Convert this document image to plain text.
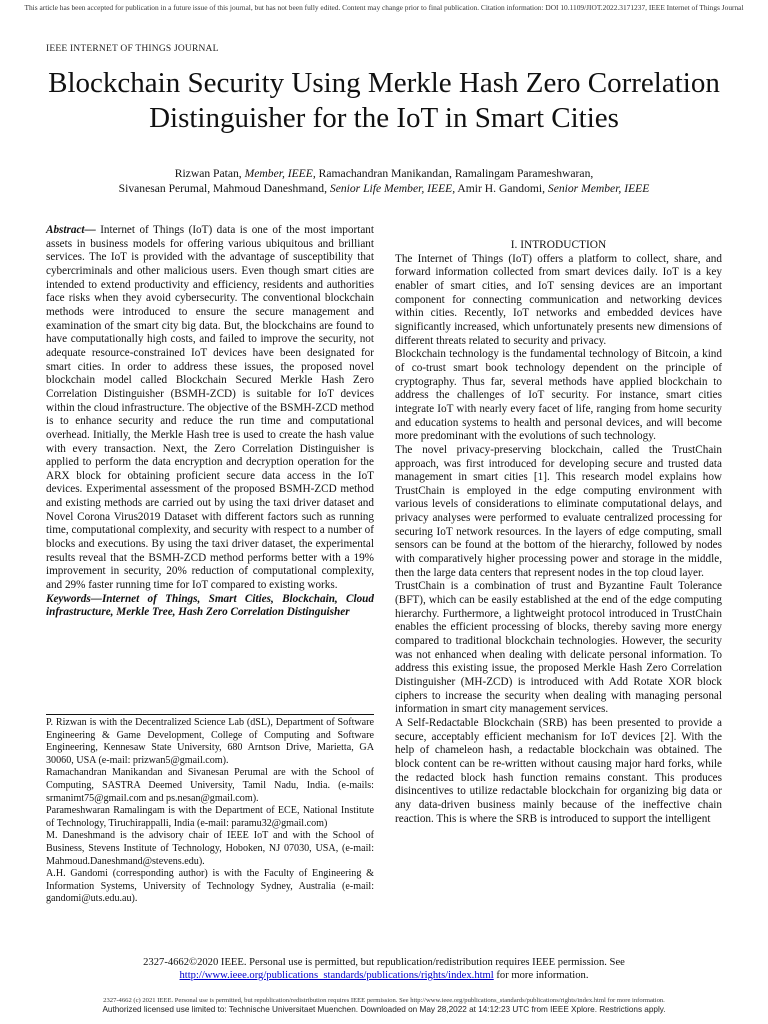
This article has been accepted for publication in a future issue of this journal, but has not been fully edited. Content may change prior to final publication. Citation information: DOI 10.1109/JIOT.2022.3171237, IEEE Internet of Things Journal
IEEE INTERNET OF THINGS JOURNAL
Blockchain Security Using Merkle Hash Zero Correlation Distinguisher for the IoT in Smart Cities
Rizwan Patan, Member, IEEE, Ramachandran Manikandan, Ramalingam Parameshwaran,
Sivanesan Perumal, Mahmoud Daneshmand, Senior Life Member, IEEE, Amir H. Gandomi, Senior Member, IEEE

Abstract— Internet of Things (IoT) data is one of the most important assets in business models for offering various ubiquitous and brilliant services. The IoT is provided with the advantage of susceptibility that cybercriminals and other malicious users. Even though smart cities are intended to extend productivity and efficiency, residents and authorities face risks when they avoid cybersecurity. The conventional blockchain methods were introduced to ensure the secure management and examination of the smart city big data. But, the blockchains are found to have computationally high costs, and failed to improve the security, not adequate resource-constrained IoT devices have been designated for smart cities. In order to address these issues, the proposed novel blockchain model called Blockchain Secured Merkle Hash Zero Correlation Distinguisher (BSMH-ZCD) is suitable for IoT devices within the cloud infrastructure. The objective of the BSMH-ZCD method is to enhance security and reduce the run time and computational overhead. Initially, the Merkle Hash tree is used to create the hash value with every transaction. Next, the Zero Correlation Distinguisher is applied to perform the data encryption and decryption operation for the ARX block for obtaining proficient secure data access in the IoT devices. Experimental assessment of the proposed BSMH-ZCD method and existing methods are carried out by using the taxi driver dataset and Novel Corona Virus2019 Dataset with different factors such as running time, computational complexity, and security with respect to a number of blocks and executions. By using the taxi driver dataset, the experimental results reveal that the BSMH-ZCD method performs better with a 19% improvement in security, 20% reduction of computational complexity, and 29% faster running time for IoT compared to existing works.

Keywords—Internet of Things, Smart Cities, Blockchain, Cloud infrastructure, Merkle Tree, Hash Zero Correlation Distinguisher

P. Rizwan is with the Decentralized Science Lab (dSL), Department of Software Engineering & Game Development, College of Computing and Software Engineering, Kennesaw State University, 680 Arntson Drive, Marietta, GA 30060, USA (e-mail: prizwan5@gmail.com).

Ramachandran Manikandan and Sivanesan Perumal are with the School of Computing, SASTRA Deemed University, Tamil Nadu, India. (e-mails: srmanimt75@gmail.com and ps.nesan@gmail.com).

Parameshwaran Ramalingam is with the Department of ECE, National Institute of Technology, Tiruchirappalli, India (e-mail: paramu32@gmail.com)

M. Daneshmand is the advisory chair of IEEE IoT and with the School of Business, Stevens Institute of Technology, Hoboken, NJ 07030, USA, (e-mail: Mahmoud.Daneshmand@stevens.edu).

A.H. Gandomi (corresponding author) is with the Faculty of Engineering & Information Systems, University of Technology Sydney, Australia (e-mail: gandomi@uts.edu.au).

I. INTRODUCTION

The Internet of Things (IoT) offers a platform to collect, share, and forward information collected from smart devices daily. IoT is a key enabler of smart cities, and IoT sensing devices are an important component for connecting communication and networking devices within cities. Recently, IoT networks and embedded devices have significantly increased, which unfortunately presents new dimensions of different threats related to security and privacy.

Blockchain technology is the fundamental technology of Bitcoin, a kind of co-trust smart book technology dependent on the principle of cryptography. Thus far, several methods have applied blockchain to address the challenges of IoT security. For instance, smart cities integrate IoT with nearly every facet of life, ranging from home security and education systems to health and personal devices, and will become more predominant with the evolutions of such technology.

The novel privacy-preserving blockchain, called the TrustChain approach, was first introduced for developing secure and trusted data management in smart cities [1]. This research model explains how TrustChain is employed in the edge computing environment with various levels of considerations to eliminate computational delays, and privacy analyses were performed to evaluate centralized processing for securing IoT network resources. In the layers of edge computing, small sensors can be found at the bottom of the hierarchy, followed by nodes with comparatively higher processing power and storage in the middle, then the large data centers that represent nodes in the top cloud layer.

TrustChain is a combination of trust and Byzantine Fault Tolerance (BFT), which can be easily established at the end of the edge computing hierarchy. Furthermore, a lightweight protocol introduced in TrustChain enables the efficient processing of blocks, thereby saving more energy compared to traditional blockchain technologies. However, the security was not enhanced when dealing with delicate personal information. To address this existing issue, the proposed Merkle Hash Zero Correlation Distinguisher (MH-ZCD) is introduced with Add Rotate XOR block ciphers to increase the security when dealing with managing personal information in smart city management services.

A Self-Redactable Blockchain (SRB) has been presented to provide a secure, acceptably efficient mechanism for IoT devices [2]. With the help of chameleon hash, a redactable blockchain was obtained. The block content can be re-written without causing major hard forks, while the redacted block hash function remains constant. This produces disincentives to utilize redactable blockchain for organizing big data or any data-driven business mainly because of the ineffective chain reaction. This is where the SRB is introduced to support the intelligent

2327-4662©2020 IEEE. Personal use is permitted, but republication/redistribution requires IEEE permission. See
http://www.ieee.org/publications_standards/publications/rights/index.html for more information.
2327-4662 (c) 2021 IEEE. Personal use is permitted, but republication/redistribution requires IEEE permission. See http://www.ieee.org/publications_standards/publications/rights/index.html for more information.
Authorized licensed use limited to: Technische Universitaet Muenchen. Downloaded on May 28,2022 at 14:12:23 UTC from IEEE Xplore. Restrictions apply.
